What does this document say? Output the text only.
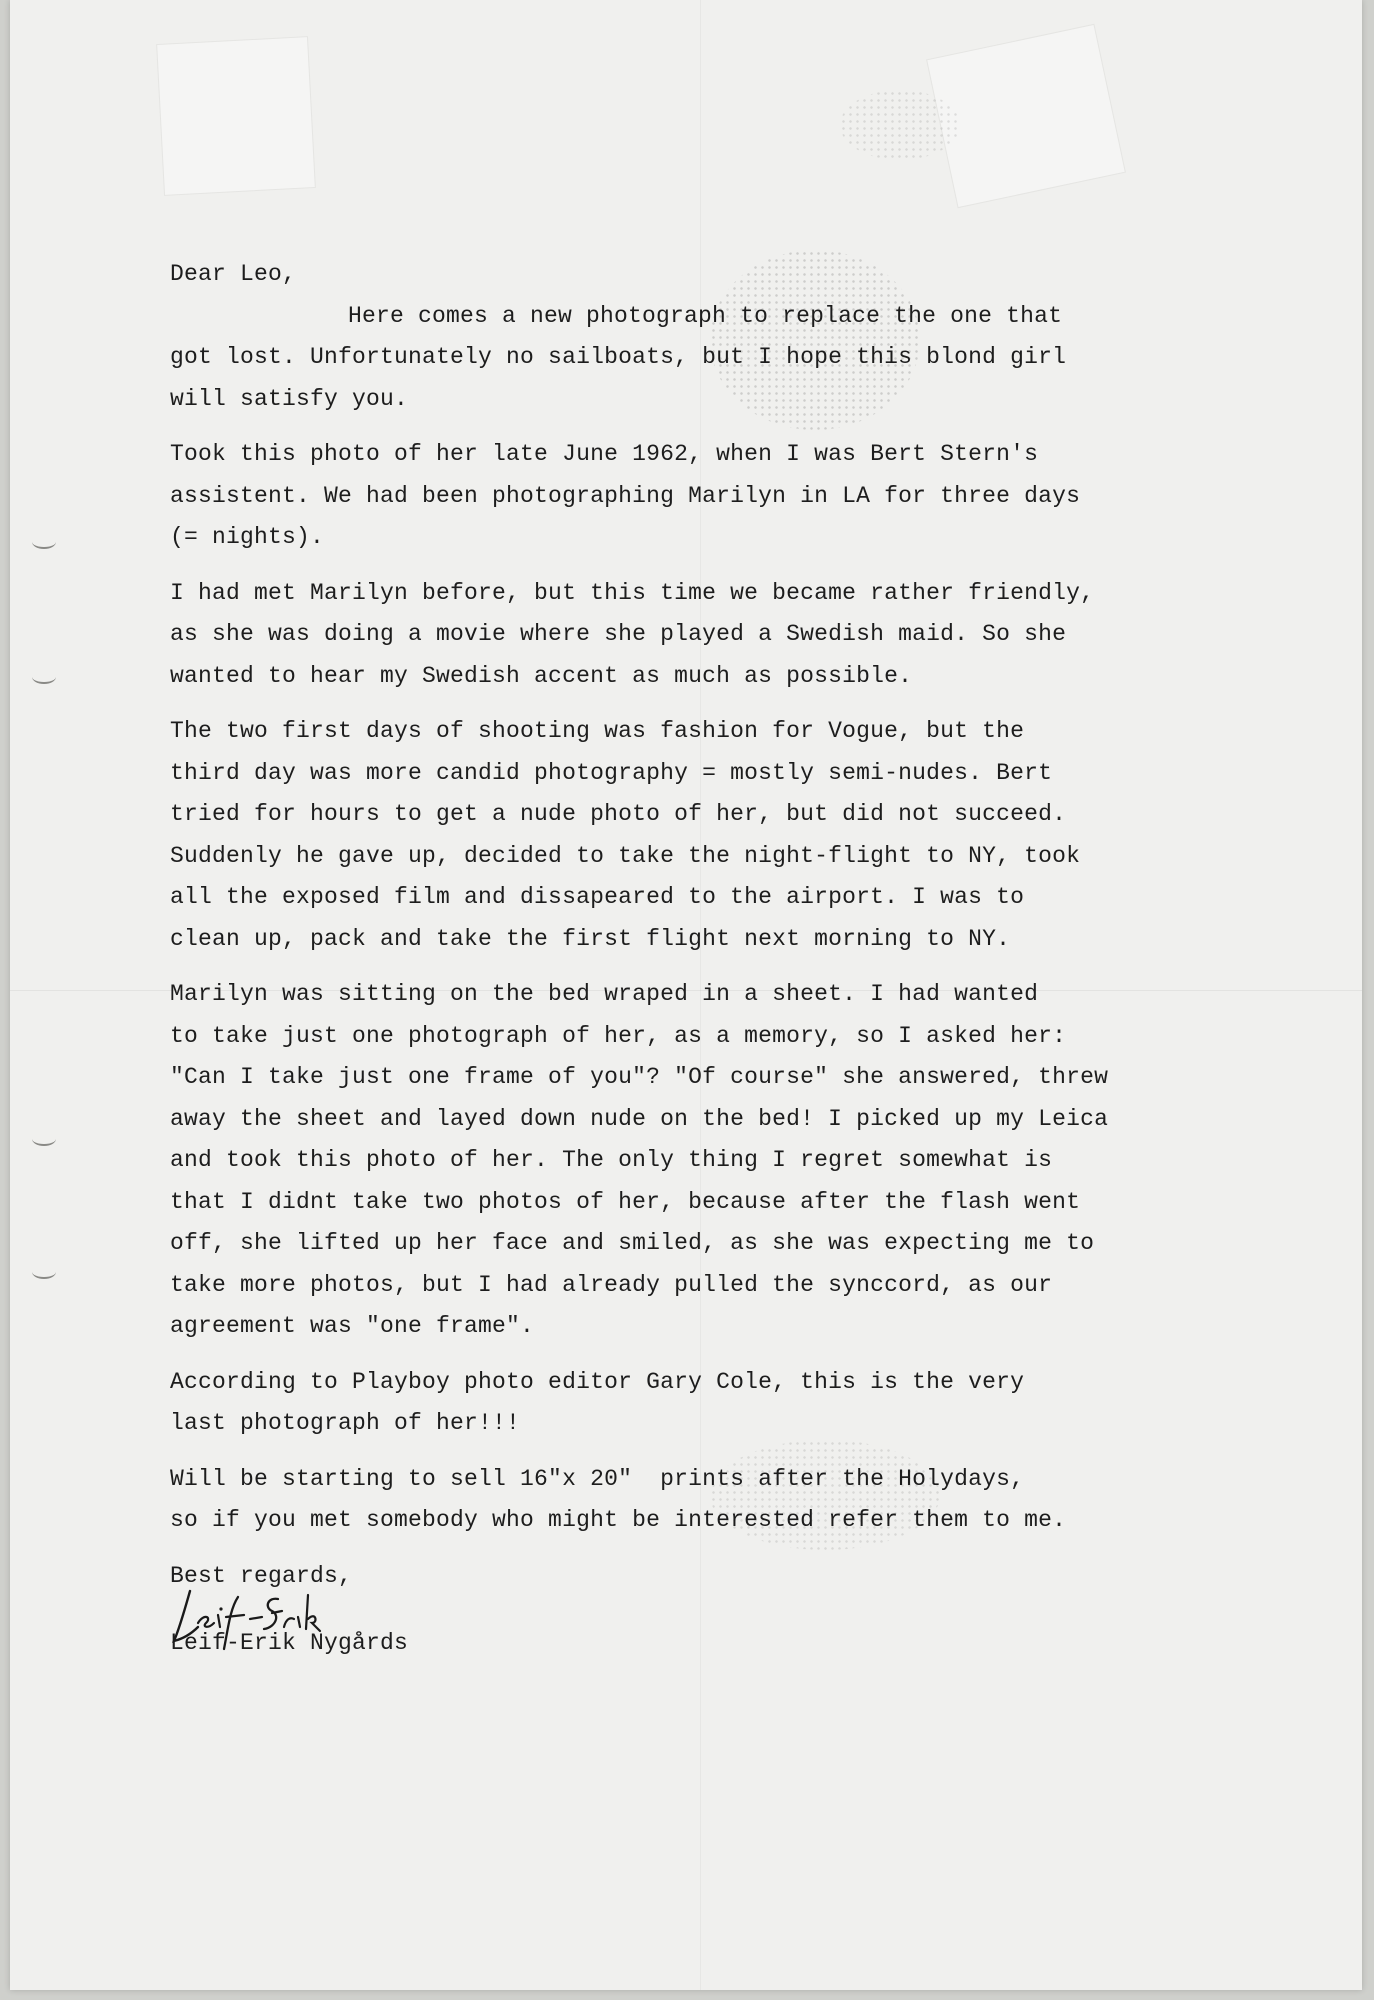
Dear Leo,
Here comes a new photograph to replace the one that
got lost. Unfortunately no sailboats, but I hope this blond girl
will satisfy you.
Took this photo of her late June 1962, when I was Bert Stern's
assistent. We had been photographing Marilyn in LA for three days
(= nights).
I had met Marilyn before, but this time we became rather friendly,
as she was doing a movie where she played a Swedish maid. So she
wanted to hear my Swedish accent as much as possible.
The two first days of shooting was fashion for Vogue, but the
third day was more candid photography = mostly semi-nudes. Bert
tried for hours to get a nude photo of her, but did not succeed.
Suddenly he gave up, decided to take the night-flight to NY, took
all the exposed film and dissapeared to the airport. I was to
clean up, pack and take the first flight next morning to NY.
Marilyn was sitting on the bed wraped in a sheet. I had wanted
to take just one photograph of her, as a memory, so I asked her:
"Can I take just one frame of you"? "Of course" she answered, threw
away the sheet and layed down nude on the bed! I picked up my Leica
and took this photo of her. The only thing I regret somewhat is
that I didnt take two photos of her, because after the flash went
off, she lifted up her face and smiled, as she was expecting me to
take more photos, but I had already pulled the synccord, as our
agreement was "one frame".
According to Playboy photo editor Gary Cole, this is the very
last photograph of her!!!
Will be starting to sell 16"x 20"  prints after the Holydays,
so if you met somebody who might be interested refer them to me.
Best regards,
Leif-Erik Nygårds
